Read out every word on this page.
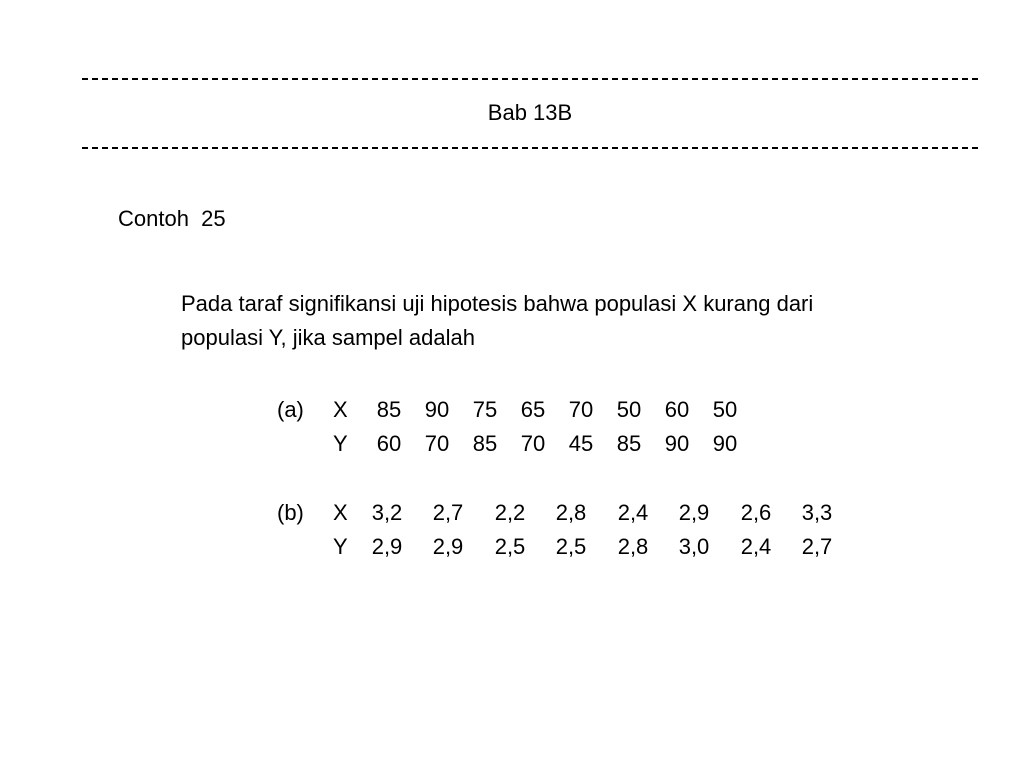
Bab 13B
Contoh  25
Pada taraf signifikansi uji hipotesis bahwa populasi X kurang dari
populasi Y, jika sampel adalah
(a) X 85 90 75 65 70 50 60 50
Y 60 70 85 70 45 85 90 90
(b) X 3,2 2,7 2,2 2,8 2,4 2,9 2,6 3,3
Y 2,9 2,9 2,5 2,5 2,8 3,0 2,4 2,7
